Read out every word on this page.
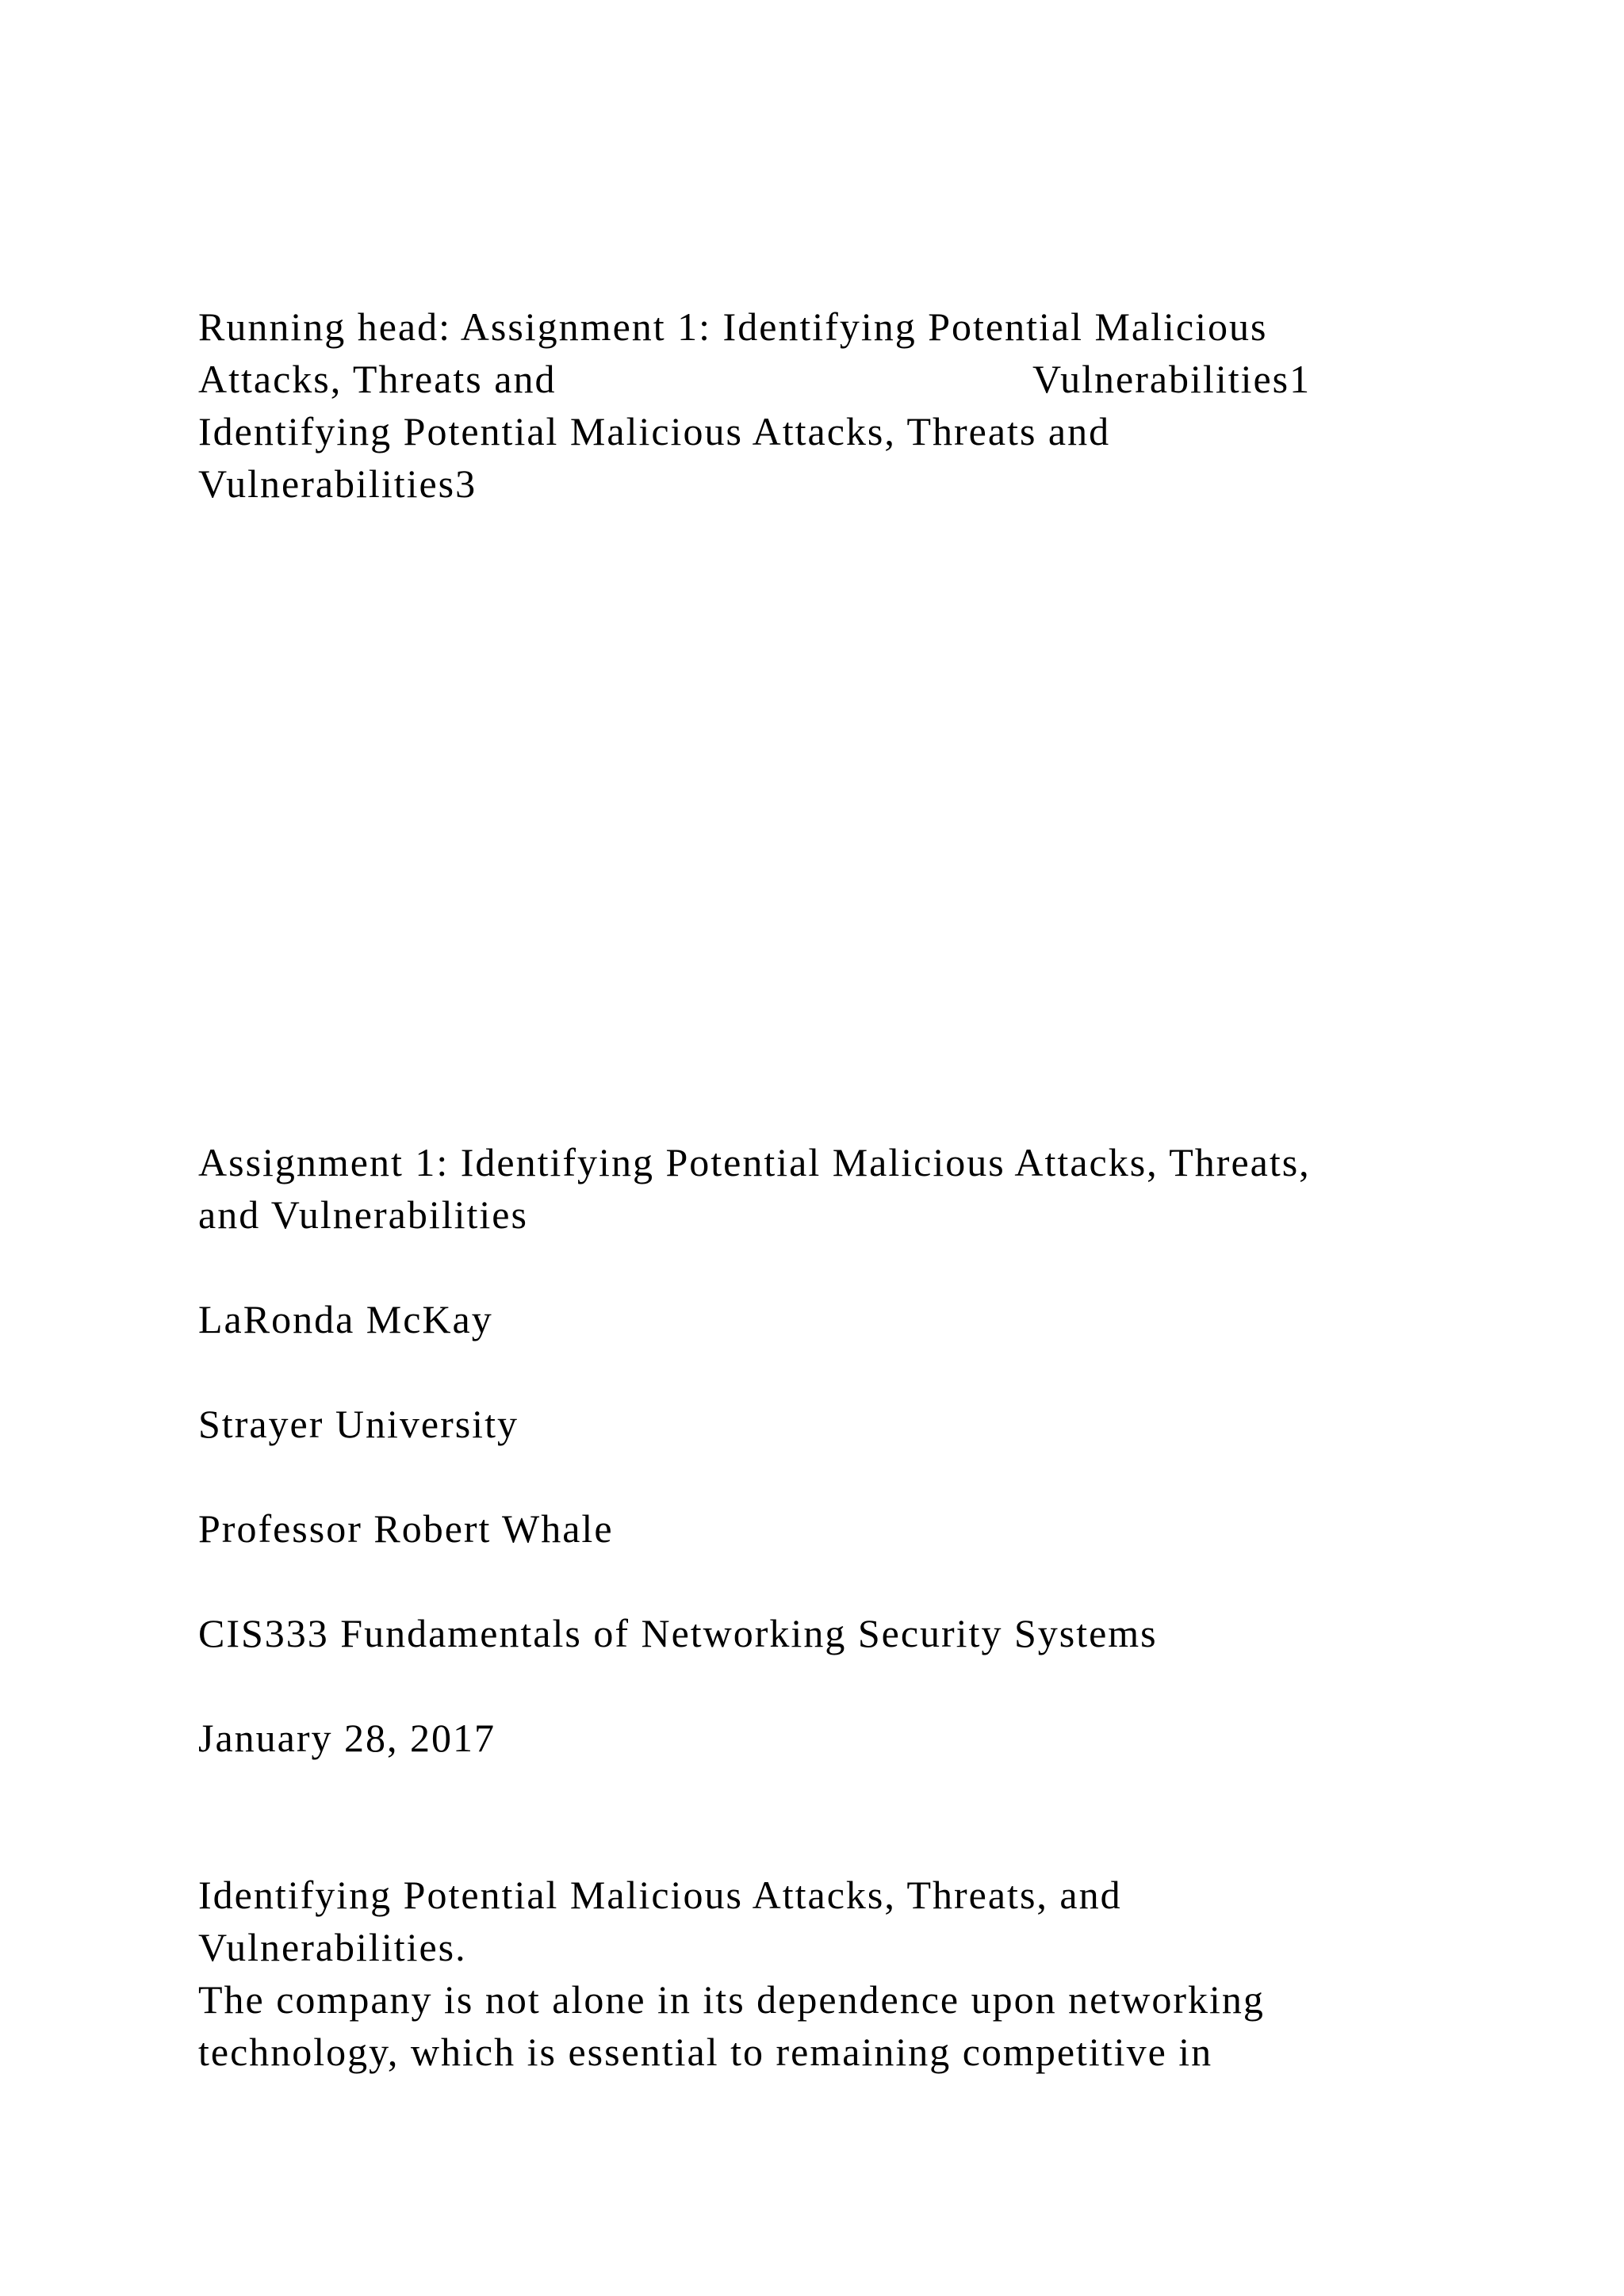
Running head: Assignment 1: Identifying Potential Malicious
Attacks, Threats and	Vulnerabilities1
Identifying Potential Malicious Attacks, Threats and
Vulnerabilities3
Assignment 1: Identifying Potential Malicious Attacks, Threats,
and Vulnerabilities
LaRonda McKay
Strayer University
Professor Robert Whale
CIS333 Fundamentals of Networking Security Systems
January 28, 2017
Identifying Potential Malicious Attacks, Threats, and
Vulnerabilities.
The company is not alone in its dependence upon networking
technology, which is essential to remaining competitive in
